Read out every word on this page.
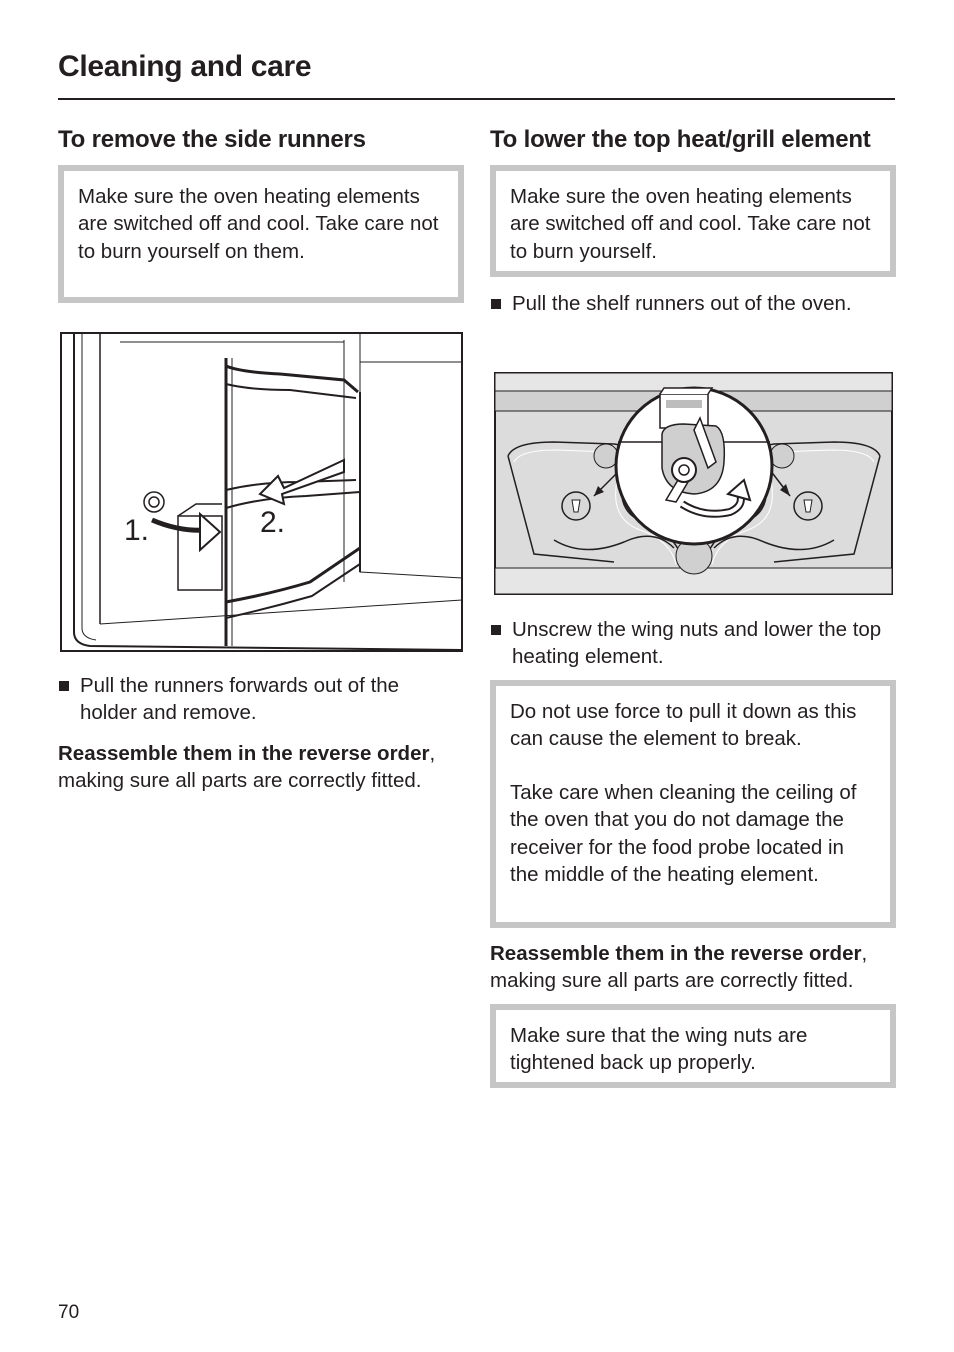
Cleaning and care
To remove the side runners

Make sure the oven heating elements are switched off and cool. Take care not to burn yourself on them.

1.	2.
Pull the runners forwards out of the holder and remove.

Reassemble them in the reverse order, making sure all parts are correctly fitted.

To lower the top heat/grill element

Make sure the oven heating elements are switched off and cool. Take care not to burn yourself.

Pull the shelf runners out of the oven.
Unscrew the wing nuts and lower the top heating element.

Do not use force to pull it down as this can cause the element to break.

Take care when cleaning the ceiling of the oven that you do not damage the receiver for the food probe located in the middle of the heating element.

Reassemble them in the reverse order, making sure all parts are correctly fitted.

Make sure that the wing nuts are tightened back up properly.

70
